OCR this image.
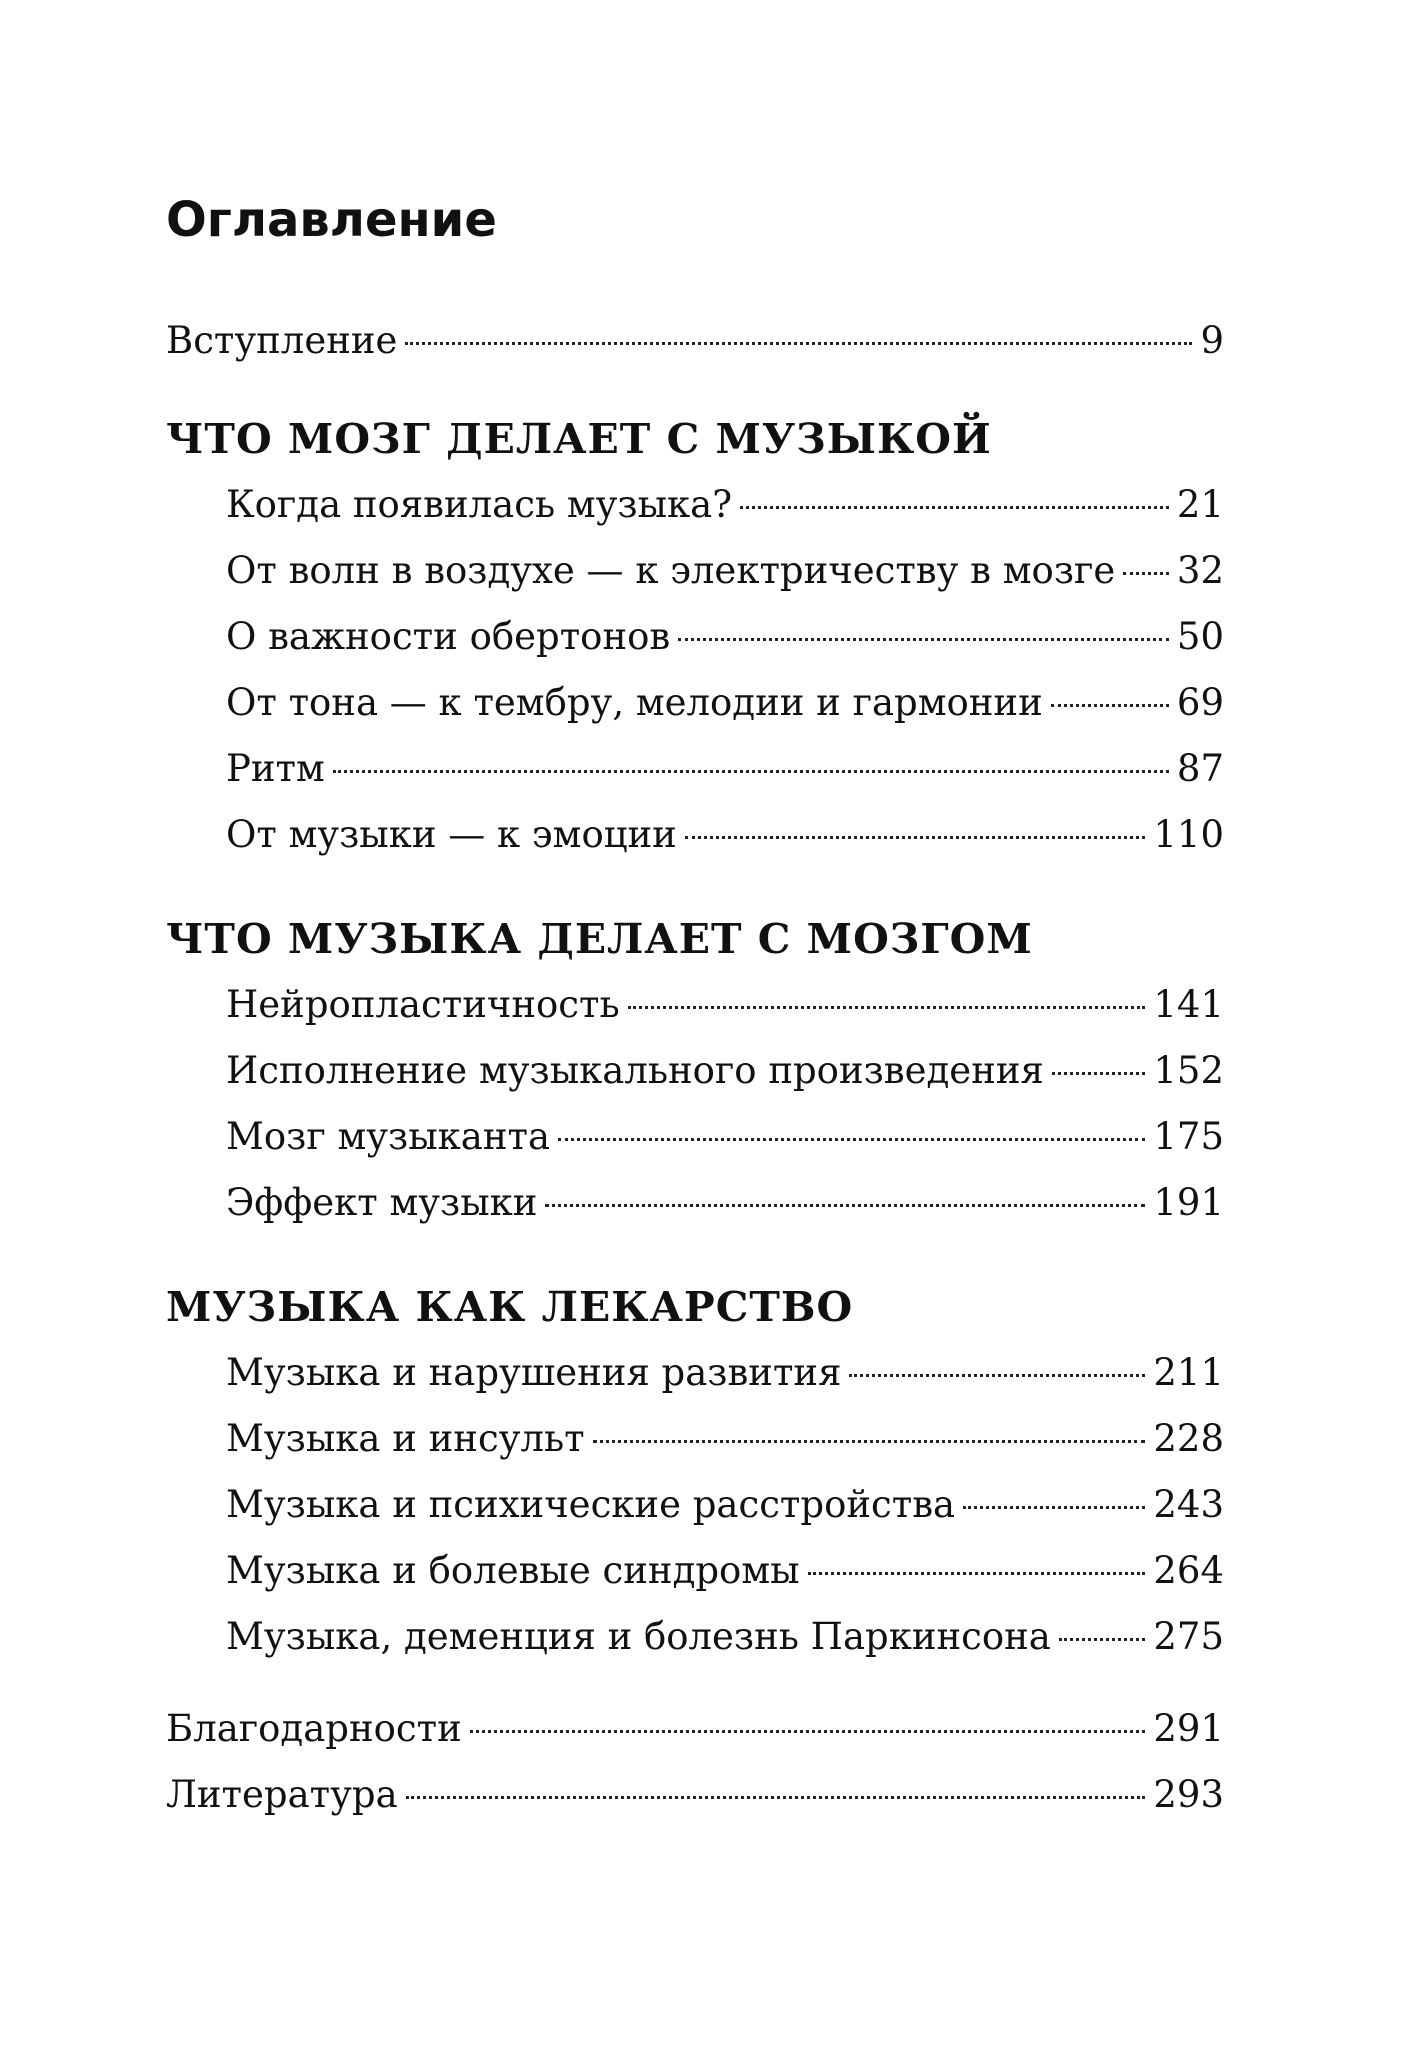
Оглавление
Вступление	9
ЧТО МОЗГ ДЕЛАЕТ С МУЗЫКОЙ
Когда появилась музыка?	21
От волн в воздухе — к электричеству в мозге 32
О важности обертонов	50
От тона — к тембру, мелодии и гармонии	69
Ритм	87
От музыки — к эмоции	110
ЧТО МУЗЫКА ДЕЛАЕТ С МОЗГОМ
Нейропластичность	141
Исполнение музыкального произведения	152
Мозг музыканта	175
Эффект музыки	191
МУЗЫКА КАК ЛЕКАРСТВО
Музыка и нарушения развития	211
Музыка и инсульт	228
Музыка и психические расстройства	243
Музыка и болевые синдромы	264
Музыка, деменция и болезнь Паркинсона	275
Благодарности	291
Литература	293
